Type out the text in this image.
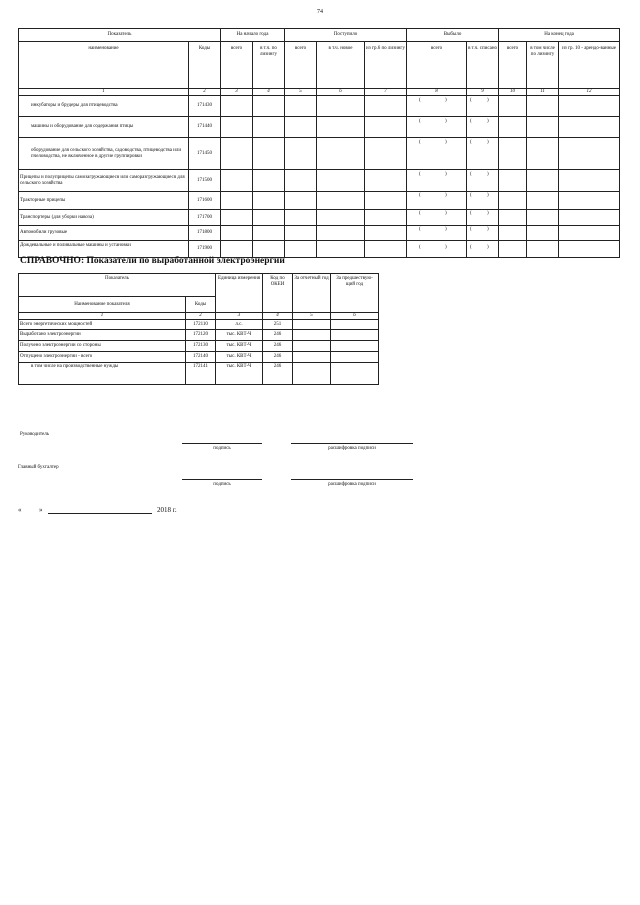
74
Показатель		На начало года		Поступило			Выбыло		На конец года		
наименование	Коды	всего	в т.ч. по лизингу	всего	в т.ч. новое	из гр.6 по лизингу	всего	в т.ч. списано	всего	в том числе по лизингу	из гр. 10 - арендо-ванные
1	2	3	4	5	6	7	8	9	10	11	12
инкубаторы и брудеры для птицеводства	171430						( )	( )			

машины и оборудование для содержания птицы	171440						( )	( )			

оборудование для сельского хозяйства, садоводства, птицеводства или пчеловодства, не включенное в другие группировки	171450						( )	( )			

Прицепы и полуприцепы самозагружающиеся или саморазгружающиеся для сельского хозяйства	171500						( )	( )			

Тракторные прицепы	171600						( )	( )			

Транспортеры (для уборки навоза)	171700						( )	( )			

Автомобили грузовые	171800						( )	( )			

Дождевальные и поливальные машины и установки	171900						( )	( )			

СПРАВОЧНО: Показатели по выработанной электроэнергии
Показатель		Единица измерения	Код по ОКЕИ	За отчетный год	За предшествую-щий год
Наименование показателя	Коды				
1	2	3	4	5	6
Всего энергетических мощностей	172110	л.с.	251		
Выработано электроэнергии	172120	тыс. КВТ-Ч	246		
Получено электроэнергии со стороны	172130	тыс. КВТ-Ч	246		
Отпущено электроэнергии - всего	172140	тыс. КВТ-Ч	246		
в том числе на производственные нужды	172141	тыс. КВТ-Ч	246		
Руководитель
подпись	расшифровка подписи
Главный бухгалтер
подпись	расшифровка подписи
«	»	2018 г.
